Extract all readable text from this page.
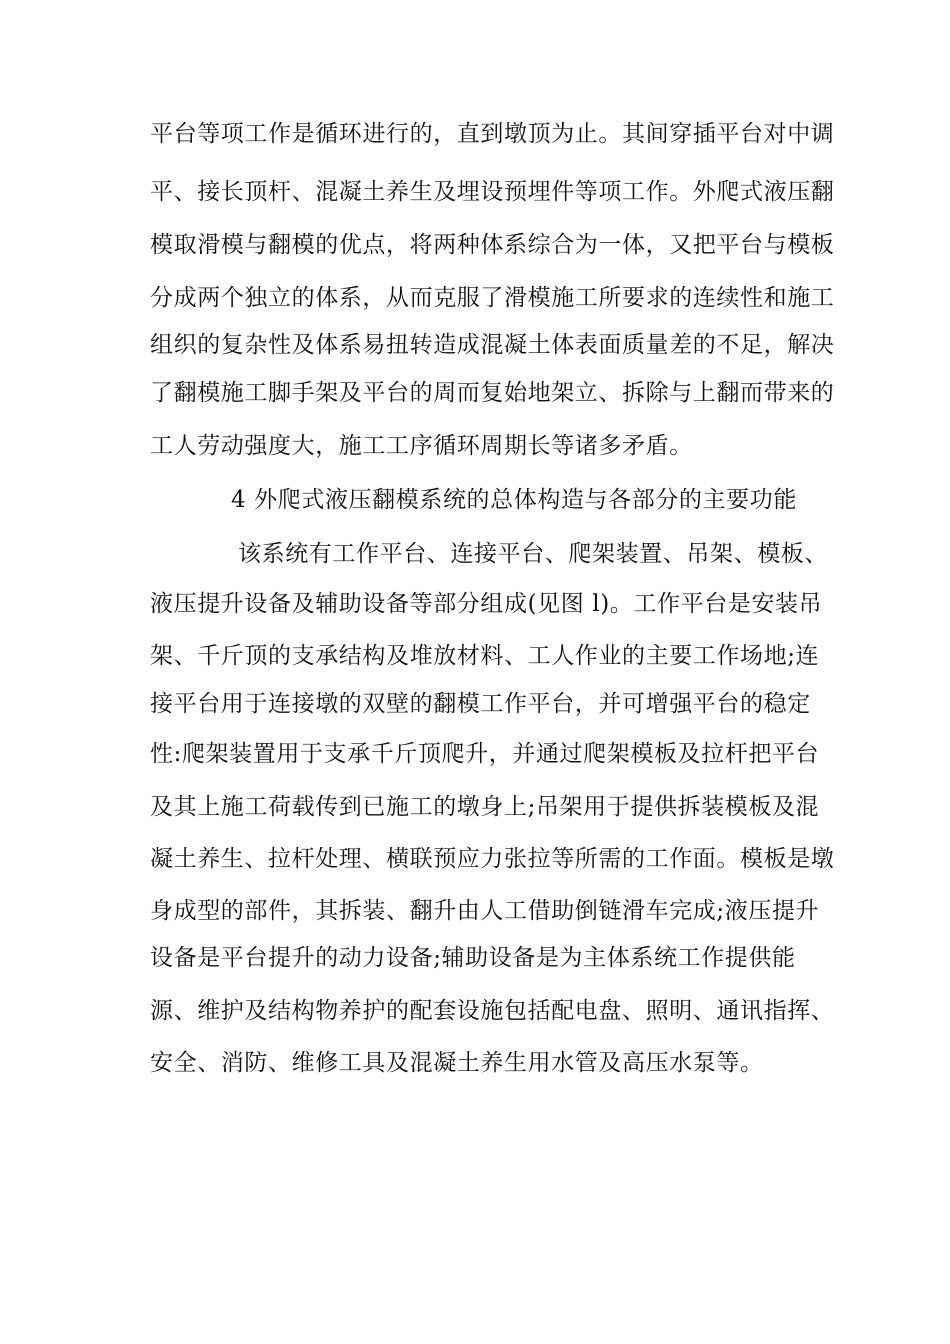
平台等项工作是循环进行的，直到墩顶为止。其间穿插平台对中调
平、接长顶杆、混凝土养生及埋设预埋件等项工作。外爬式液压翻
模取滑模与翻模的优点，将两种体系综合为一体，又把平台与模板
分成两个独立的体系，从而克服了滑模施工所要求的连续性和施工
组织的复杂性及体系易扭转造成混凝土体表面质量差的不足，解决
了翻模施工脚手架及平台的周而复始地架立、拆除与上翻而带来的
工人劳动强度大，施工工序循环周期长等诸多矛盾。
4 外爬式液压翻模系统的总体构造与各部分的主要功能
该系统有工作平台、连接平台、爬架装置、吊架、模板、
液压提升设备及辅助设备等部分组成(见图 l)。工作平台是安装吊
架、千斤顶的支承结构及堆放材料、工人作业的主要工作场地;连
接平台用于连接墩的双壁的翻模工作平台，并可增强平台的稳定
性:爬架装置用于支承千斤顶爬升，并通过爬架模板及拉杆把平台
及其上施工荷载传到已施工的墩身上;吊架用于提供拆装模板及混
凝土养生、拉杆处理、横联预应力张拉等所需的工作面。模板是墩
身成型的部件，其拆装、翻升由人工借助倒链滑车完成;液压提升
设备是平台提升的动力设备;辅助设备是为主体系统工作提供能
源、维护及结构物养护的配套设施包括配电盘、照明、通讯指挥、
安全、消防、维修工具及混凝土养生用水管及高压水泵等。
